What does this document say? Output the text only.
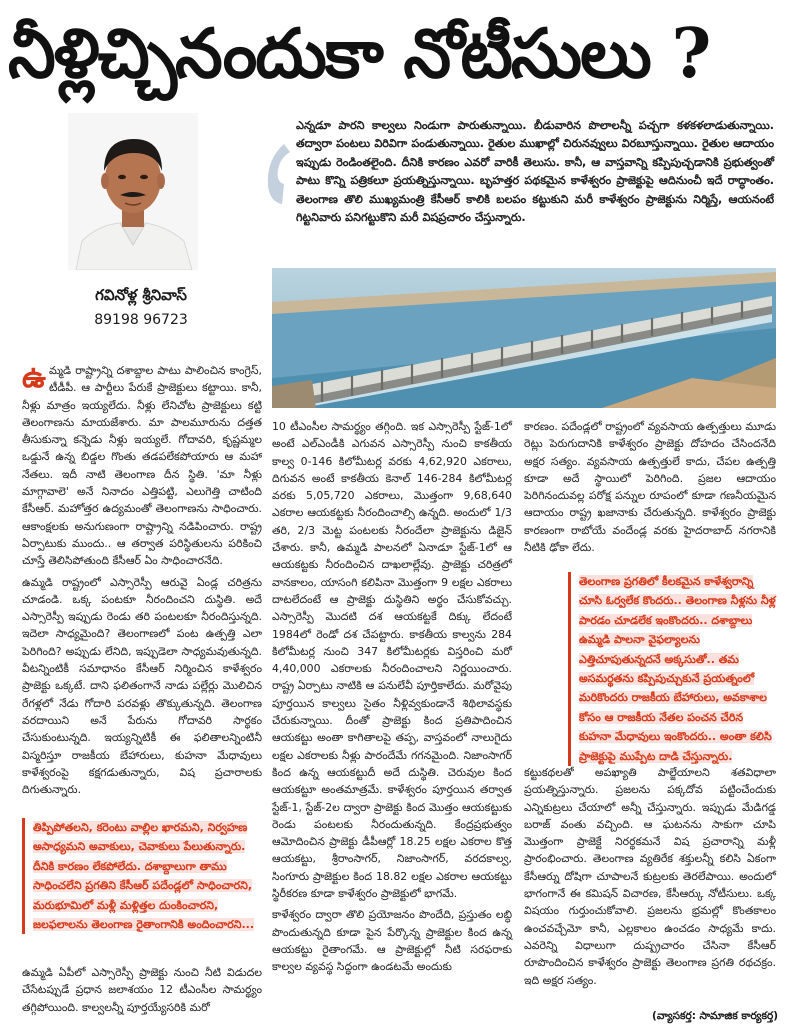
నీళ్లిచ్చినందుకా నోటీసులు ?
గవినోళ్ల శ్రీనివాస్
89198 96723
ఎన్నడూ పారని కాల్వలు నిండుగా పారుతున్నాయి. బీడువారిన పొలాలన్నీ పచ్చగా కళకళలాడుతున్నాయి. తద్వారా పంటలు విరివిగా పండుతున్నాయి. రైతుల ముఖాల్లో చిరునవ్వులు విరబూస్తున్నాయి. రైతుల ఆదాయం ఇప్పుడు రెండింతలైంది. దీనికి కారణం ఎవరో వారికీ తెలుసు. కానీ, ఆ వాస్తవాన్ని కప్పిపుచ్చడానికి ప్రభుత్వంతో పాటు కొన్ని పత్రికలూ ప్రయత్నిస్తున్నాయి. బృహత్తర పథకమైన కాళేశ్వరం ప్రాజెక్టుపై ఆదినుంచీ ఇదే రాద్ధాంతం. తెలంగాణ తొలి ముఖ్యమంత్రి కేసీఆర్ కాలికి బలపం కట్టుకుని మరీ కాళేశ్వరం ప్రాజెక్టును నిర్మిస్తే, ఆయనంటే గిట్టనివారు పనిగట్టుకొని మరీ విషప్రచారం చేస్తున్నారు.

ఉమ్మడి రాష్ట్రాన్ని దశాబ్దాల పాటు పాలించిన కాంగ్రెస్, టీడీపీ. ఆ పార్టీలు పేరుకే ప్రాజెక్టులు కట్టాయి. కానీ, నీళ్లు మాత్రం ఇయ్యలేదు. నీళ్లు లేనిచోట ప్రాజెక్టులు కట్టి తెలంగాణను మాయజేశారు. మా పాలమూరును దత్తత తీసుకున్నా కన్నెడు నీళ్లు ఇయ్యలే. గోదావరి, కృష్ణమ్మల ఒడ్డునే ఉన్న బిడ్డల గొంతు తడపలేకపోయారు ఆ మహా నేతలు. ఇదీ నాటి తెలంగాణ దీన స్థితి. 'మా నీళ్లు మాగ్గావాలె' అనే నినాదం ఎత్తిపట్టి, ఎలుగెత్తి చాటింది కేసీఆర్. మహోత్తర ఉద్యమంతో తెలంగాణను సాధించారు. ఆకాంక్షలకు అనుగుణంగా రాష్ట్రాన్ని నడిపించారు. రాష్ట్ర ఏర్పాటుకు ముందు.. ఆ తర్వాత పరిస్థితులను పరికించి చూస్తే తెలిసిపోతుంది కేసీఆర్ ఏం సాధించారనేది.

ఉమ్మడి రాష్ట్రంలో ఎస్సారెస్పీ ఆరువై ఏండ్ల చరిత్రను చూడండి. ఒక్క పంటకూ నీరందించని దుస్థితి. అదే ఎస్సారెస్పీ ఇప్పుడు రెండు తరి పంటలకూ నీరందిస్తున్నది. ఇదెలా సాధ్యమైంది? తెలంగాణలో పంట ఉత్పత్తి ఎలా పెరిగింది? అప్పుడు లేనిది, ఇప్పుడెలా సాధ్యమవుతున్నది. వీటన్నింటికీ సమాధానం కేసీఆర్ నిర్మించిన కాళేశ్వరం ప్రాజెక్టు ఒక్కటే. దాని ఫలితంగానే నాడు పల్లేర్లు మొలిచిన రేగళ్లలో నేడు గోదారి పరవళ్లు తొక్కుతున్నది. తెలంగాణ వరదాయిని అనే పేరును గోదావరి సార్థకం చేసుకుంటున్నది. ఇయ్యన్నిటికీ ఈ ఫలితాలన్నింటినీ విస్మరిస్తూ రాజకీయ బేహారులు, కుహనా మేధావులు కాళేశ్వరంపై కక్షగడుతున్నారు, విష ప్రచారాలకు దిగుతున్నారు.

తిప్పిపోతలని, కరెంటు వాల్లిల ఖారమని, నిర్వహణ అసాధ్యమని అవాకులు, చెవాకులు పేలుతున్నారు. దీనికి కారణం లేకపోలేదు. దశాబ్దాలుగా తాము సాధించలేని ప్రగతిని కేసీఆర్ పదేండ్లలో సాధించారని, మరుభూమిలో మళ్లీ మళ్లిత్తల దుంకించారని, జలఫలాలను తెలంగాణ రైతాంగానికి అందించారని...

ఉమ్మడి ఏపీలో ఎస్సారెస్పీ ప్రాజెక్టు నుంచి నీటి విడుదల చేసేటప్పుడే ప్రధాన జలాశయం 12 టీఎంసీల సామర్థ్యం తగ్గిపోయింది. కాల్వలన్నీ పూర్తయ్యేసరికి మరో

10 టీఎంసీల సామర్థ్యం తగ్గింది. ఇక ఎస్సారెస్పీ స్టేజ్-1లో అంటే ఎల్ఎండీకి ఎగువన ఎస్సారెస్పీ నుంచి కాకతీయ కాల్వ 0-146 కిలోమీటర్ల వరకు 4,62,920 ఎకరాలు, దిగువన అంటే కాకతీయ కెనాల్ 146-284 కిలోమీటర్ల వరకు 5,05,720 ఎకరాలు, మొత్తంగా 9,68,640 ఎకరాల ఆయకట్టకు నీరందించాల్సి ఉన్నది. అందులో 1/3 తరి, 2/3 మెట్ట పంటలకు నీరందేలా ప్రాజెక్టును డిజైన్ చేశారు. కానీ, ఉమ్మడి పాలనలో ఏనాడూ స్టేజ్-1లో ఆ ఆయకట్టకు నీరందించిన దాఖలాల్లేవు. ప్రాజెక్టు చరిత్రలో వానకాలం, యాసంగి కలిపినా మొత్తంగా 9 లక్షల ఎకరాలు దాటలేదంటే ఆ ప్రాజెక్టు దుస్థితిని అర్థం చేసుకోవచ్చు. ఎస్సారెస్పీ మొదటి దశ ఆయకట్టకే దిక్కు లేదంటే 1984లో రెండో దశ చేపట్టారు. కాకతీయ కాల్వను 284 కిలోమీటర్ల నుంచి 347 కిలోమీటర్లకు విస్తరించి మరో 4,40,000 ఎకరాలకు నీరందించాలని నిర్ణయించారు. రాష్ట్ర ఏర్పాటు నాటికి ఆ పనులేవీ పూర్తికాలేదు. మరోవైపు పూర్తయిన కాల్వలు సైతం నీళ్లివ్వకుండానే శిథిలావస్థకు చేరుకున్నాయి. దీంతో ప్రాజెక్టు కింద ప్రతిపాదించిన ఆయకట్టు అంతా కాగితాలపై తప్ప, వాస్తవంలో నాలుగైదు లక్షల ఎకరాలకు నీళ్లు పారందేమే గగనమైంది. నిజాంసాగర్ కింద ఉన్న ఆయకట్టుదీ అదే దుస్థితి. చెరువుల కింద ఆయకట్టూ అంతమాత్రమే. కాళేశ్వరం పూర్తయిన తర్వాత స్టేజ్-1, స్టేజ్-2ల ద్వారా ప్రాజెక్టు కింద మొత్తం ఆయకట్టుకు రెండు పంటలకు నీరందుతున్నది. కేంద్రప్రభుత్వం ఆమోదించిన ప్రాజెక్టు డీపీఆర్లో 18.25 లక్షల ఎకరాల కొత్త ఆయకట్టు, శ్రీరాంసాగర్, నిజాంసాగర్, వరదకాల్వ, సింగూరు ప్రాజెక్టుల కింద 18.82 లక్షల ఎకరాల ఆయకట్టు స్థిరీకరణ కూడా కాళేశ్వరం ప్రాజెక్టులో భాగమే.

కాళేశ్వరం ద్వారా తొలి ప్రయోజనం పొందేది, ప్రస్తుతం లబ్ధి పొందుతున్నది కూడా పైన పేర్కొన్న ప్రాజెక్టుల కింద ఉన్న ఆయకట్టు రైతాంగమే. ఆ ప్రాజెక్టుల్లో నీటి సరఫరాకు కాల్వల వ్యవస్థ సిద్ధంగా ఉండటమే అందుకు

కారణం. పదేండ్లలో రాష్ట్రంలో వ్యవసాయ ఉత్పత్తులు మూడు రెట్లు పెరుగుదానికి కాళేశ్వరం ప్రాజెక్టు దోహదం చేసిందనేది అక్షర సత్యం. వ్యవసాయ ఉత్పత్తులే కాదు, చేపల ఉత్పత్తి కూడా అదే స్థాయిలో పెరిగింది. ప్రజల ఆదాయం పెరిగినందువల్ల పరోక్ష పన్నుల రూపంలో కూడా గణనీయమైన ఆదాయం రాష్ట్ర ఖజానాకు చేరుతున్నది. కాళేశ్వరం ప్రాజెక్టు కారణంగా రాబోయే వందేండ్ల వరకు హైదరాబాద్ నగరానికి నీటికి ఢోకా లేదు.

తెలంగాణ ప్రగతిలో కీలకమైన కాళేశ్వరాన్ని చూసి ఓర్వలేక కొందరు.. తెలంగాణ నీళ్లను నీళ్ల పారడం చూడలేక ఇంకొందరు.. దశాబ్దాలు ఉమ్మడి పాలనా వైఫల్యాలను ఎత్తిచూపుతున్నదనే అక్కసుతో.. తమ అసమర్థతను కప్పిపుచ్చుకునే ప్రయత్నంలో మరికొందరు రాజకీయ బేహారులు, అవకాశాల కోసం ఆ రాజకీయ నేతల పంచన చేరిన కుహనా మేధావులు ఇంకొందరు.. అంతా కలిసి ప్రాజెక్టుపై ముప్పేట దాడి చేస్తున్నారు.

కట్టుకథలతో అపఖ్యాతి పాల్జేయాలని శతవిధాలా ప్రయత్నిస్తున్నారు. ప్రజలను పక్కదోవ పట్టించేందుకు ఎన్నికుట్రలు చేయాలో అన్నీ చేస్తున్నారు. ఇప్పుడు మేడిగడ్డ బరాజ్ వంతు వచ్చింది. ఆ ఘటనను సాకుగా చూపి మొత్తంగా ప్రాజెక్టే నిరర్థకమనే విష ప్రచారాన్ని మళ్లీ ప్రారంభించారు. తెలంగాణ వ్యతిరేక శక్తులన్నీ కలిసి ఏకంగా కేసీఆర్ను దోషిగా చూపాలనే కుట్రలకు తెరలేపాయి. అందులో భాగంగానే ఈ కమిషన్ విచారణ, కేసీఆర్కు నోటీసులు. ఒక్క విషయం గుర్తుంచుకోవాలి. ప్రజలను భ్రమల్లో కొంతకాలం ఉంచవచ్చేమో కానీ, ఎల్లకాలం ఉంచడం సాధ్యమే కాదు. ఎవరెన్ని విధాలుగా దుష్ప్రచారం చేసినా కేసీఆర్ రూపొందించిన కాళేశ్వరం ప్రాజెక్టు తెలంగాణ ప్రగతి రథచక్రం. ఇది అక్షర సత్యం.

(వ్యాసకర్త: సామాజిక కార్యకర్త)
